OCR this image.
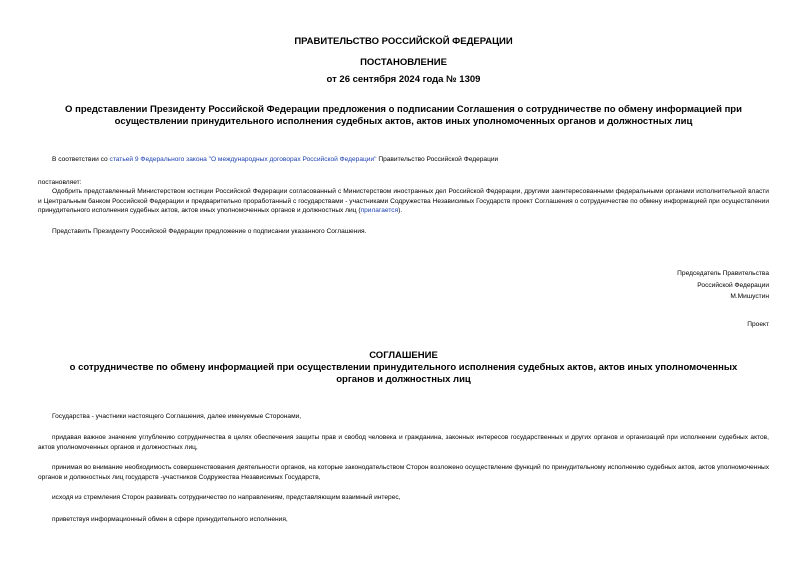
ПРАВИТЕЛЬСТВО РОССИЙСКОЙ ФЕДЕРАЦИИ
ПОСТАНОВЛЕНИЕ
от 26 сентября 2024 года № 1309
О представлении Президенту Российской Федерации предложения о подписании Соглашения о сотрудничестве по обмену информацией при осуществлении принудительного исполнения судебных актов, актов иных уполномоченных органов и должностных лиц
В соответствии со статьей 9 Федерального закона "О международных договорах Российской Федерации" Правительство Российской Федерации
постановляет:
Одобрить представленный Министерством юстиции Российской Федерации согласованный с Министерством иностранных дел Российской Федерации, другими заинтересованными федеральными органами исполнительной власти и Центральным банком Российской Федерации и предварительно проработанный с государствами - участниками Содружества Независимых Государств проект Соглашения о сотрудничестве по обмену информацией при осуществлении принудительного исполнения судебных актов, актов иных уполномоченных органов и должностных лиц (прилагается).
Представить Президенту Российской Федерации предложение о подписании указанного Соглашения.
Председатель Правительства
Российской Федерации
М.Мишустин
Проект
СОГЛАШЕНИЕ
о сотрудничестве по обмену информацией при осуществлении принудительного исполнения судебных актов, актов иных уполномоченных органов и должностных лиц
Государства - участники настоящего Соглашения, далее именуемые Сторонами,
придавая важное значение углублению сотрудничества в целях обеспечения защиты прав и свобод человека и гражданина, законных интересов государственных и других органов и организаций при исполнении судебных актов, актов уполномоченных органов и должностных лиц,
принимая во внимание необходимость совершенствования деятельности органов, на которые законодательством Сторон возложено осуществление функций по принудительному исполнению судебных актов, актов уполномоченных органов и должностных лиц государств -участников Содружества Независимых Государств,
исходя из стремления Сторон развивать сотрудничество по направлениям, представляющим взаимный интерес,
приветствуя информационный обмен в сфере принудительного исполнения,
